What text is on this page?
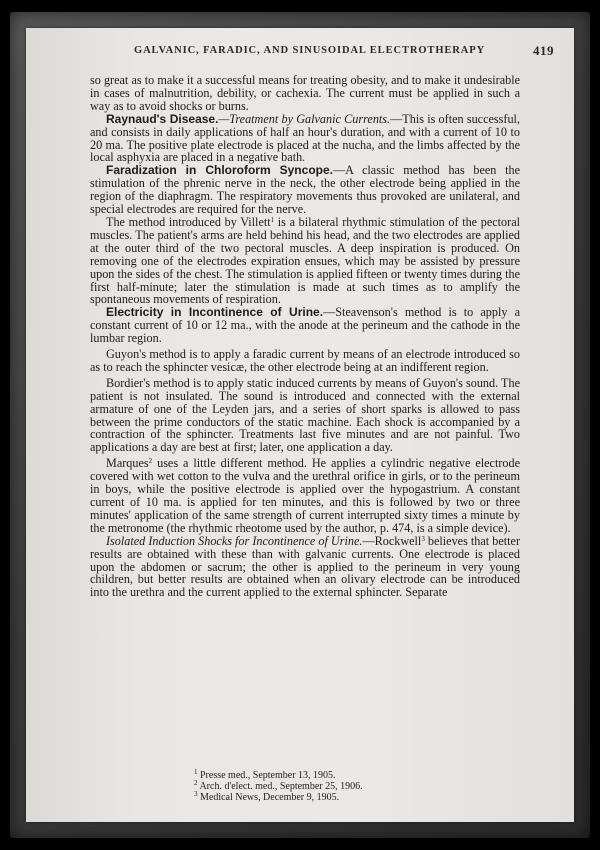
GALVANIC, FARADIC, AND SINUSOIDAL ELECTROTHERAPY	419

so great as to make it a successful means for treating obesity, and to make it undesirable in cases of malnutrition, debility, or cachexia. The current must be applied in such a way as to avoid shocks or burns.

Raynaud's Disease.—Treatment by Galvanic Currents.—This is often successful, and consists in daily applications of half an hour's duration, and with a current of 10 to 20 ma. The positive plate electrode is placed at the nucha, and the limbs affected by the local asphyxia are placed in a negative bath.

Faradization in Chloroform Syncope.—A classic method has been the stimulation of the phrenic nerve in the neck, the other electrode being applied in the region of the diaphragm. The respiratory movements thus provoked are unilateral, and special electrodes are required for the nerve.

The method introduced by Villett$^1$ is a bilateral rhythmic stimulation of the pectoral muscles. The patient's arms are held behind his head, and the two electrodes are applied at the outer third of the two pectoral muscles. A deep inspiration is produced. On removing one of the electrodes expiration ensues, which may be assisted by pressure upon the sides of the chest. The stimulation is applied fifteen or twenty times during the first half-minute; later the stimulation is made at such times as to amplify the spontaneous movements of respiration.

Electricity in Incontinence of Urine.—Steavenson's method is to apply a constant current of 10 or 12 ma., with the anode at the perineum and the cathode in the lumbar region.

Guyon's method is to apply a faradic current by means of an electrode introduced so as to reach the sphincter vesicæ, the other electrode being at an indifferent region.

Bordier's method is to apply static induced currents by means of Guyon's sound. The patient is not insulated. The sound is introduced and connected with the external armature of one of the Leyden jars, and a series of short sparks is allowed to pass between the prime conductors of the static machine. Each shock is accompanied by a contraction of the sphincter. Treatments last five minutes and are not painful. Two applications a day are best at first; later, one application a day.

Marques$^2$ uses a little different method. He applies a cylindric negative electrode covered with wet cotton to the vulva and the urethral orifice in girls, or to the perineum in boys, while the positive electrode is applied over the hypogastrium. A constant current of 10 ma. is applied for ten minutes, and this is followed by two or three minutes' application of the same strength of current interrupted sixty times a minute by the metronome (the rhythmic rheotome used by the author, p. 474, is a simple device).

Isolated Induction Shocks for Incontinence of Urine.—Rockwell$^3$ believes that better results are obtained with these than with galvanic currents. One electrode is placed upon the abdomen or sacrum; the other is applied to the perineum in very young children, but better results are obtained when an olivary electrode can be introduced into the urethra and the current applied to the external sphincter. Separate

$^1$ Presse med., September 13, 1905.
$^2$ Arch. d'elect. med., September 25, 1906.
$^3$ Medical News, December 9, 1905.
